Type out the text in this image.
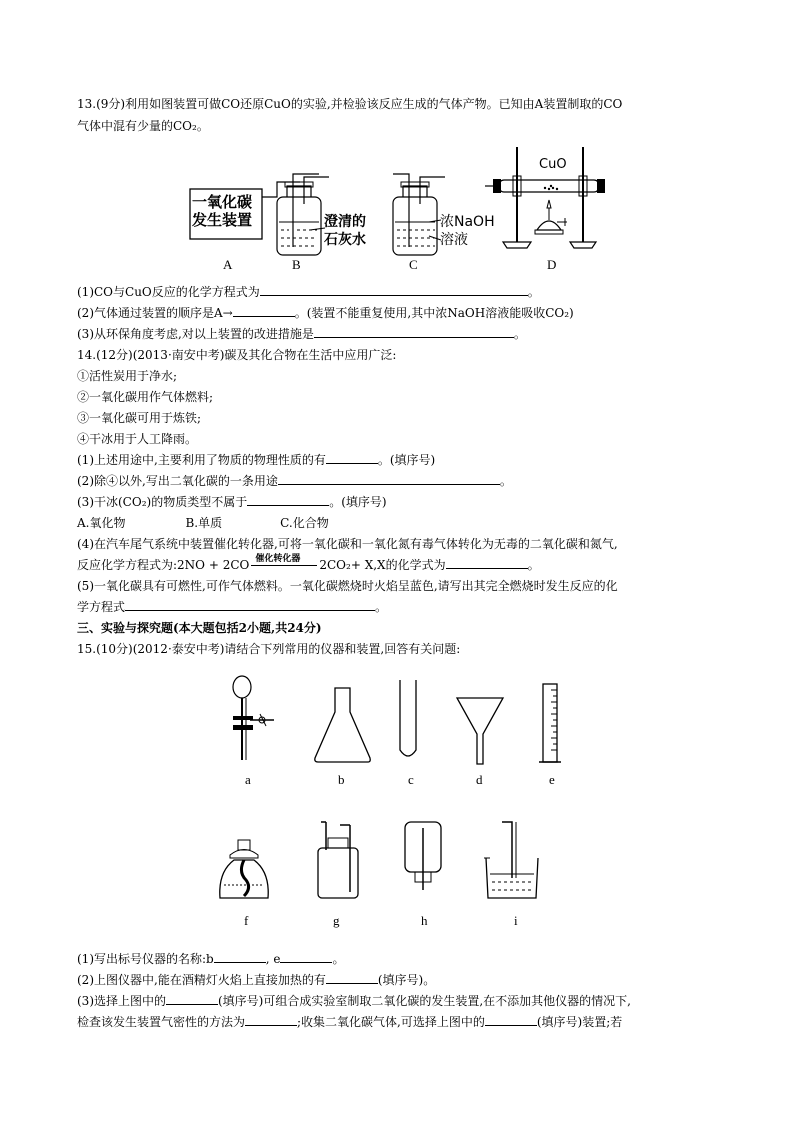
13.(9分)利用如图装置可做CO还原CuO的实验,并检验该反应生成的气体产物。已知由A装置制取的CO
气体中混有少量的CO₂。
一氧化碳
发生装置	澄清的
石灰水
浓NaOH
溶液
CuO
A	B	C	D
(1)CO与CuO反应的化学方程式为	。
(2)气体通过装置的顺序是A→	。(装置不能重复使用,其中浓NaOH溶液能吸收CO₂)
(3)从环保角度考虑,对以上装置的改进措施是	。
14.(12分)(2013·南安中考)碳及其化合物在生活中应用广泛:
①活性炭用于净水;
②一氧化碳用作气体燃料;
③一氧化碳可用于炼铁;
④干冰用于人工降雨。
(1)上述用途中,主要利用了物质的物理性质的有	。(填序号)
(2)除④以外,写出二氧化碳的一条用途	。
(3)干冰(CO₂)的物质类型不属于	。(填序号)
A.氧化物	B.单质	C.化合物
(4)在汽车尾气系统中装置催化转化器,可将一氧化碳和一氧化氮有毒气体转化为无毒的二氧化碳和氮气,
反应化学方程式为:2NO + 2CO 催化转化器 2CO₂+ X,X的化学式为	。
(5)一氧化碳具有可燃性,可作气体燃料。一氧化碳燃烧时火焰呈蓝色,请写出其完全燃烧时发生反应的化
学方程式	。
三、实验与探究题(本大题包括2小题,共24分)
15.(10分)(2012·泰安中考)请结合下列常用的仪器和装置,回答有关问题:
a	b	c	d	e
f	g	h	i
(1)写出标号仪器的名称:b	, e	。
(2)上图仪器中,能在酒精灯火焰上直接加热的有	(填序号)。
(3)选择上图中的	(填序号)可组合成实验室制取二氧化碳的发生装置,在不添加其他仪器的情况下,
检查该发生装置气密性的方法为	;收集二氧化碳气体,可选择上图中的	(填序号)装置;若
